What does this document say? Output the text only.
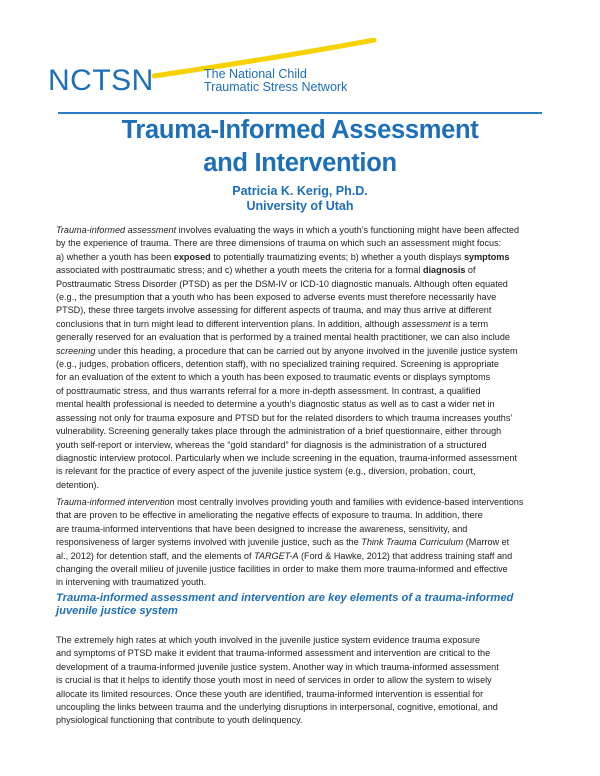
NCTSN	The National Child
Traumatic Stress Network
Trauma-Informed Assessment
and Intervention
Patricia K. Kerig, Ph.D.
University of Utah
Trauma-informed assessment involves evaluating the ways in which a youth’s functioning might have been affected
by the experience of trauma. There are three dimensions of trauma on which such an assessment might focus:
a) whether a youth has been exposed to potentially traumatizing events; b) whether a youth displays symptoms
associated with posttraumatic stress; and c) whether a youth meets the criteria for a formal diagnosis of
Posttraumatic Stress Disorder (PTSD) as per the DSM-IV or ICD-10 diagnostic manuals. Although often equated
(e.g., the presumption that a youth who has been exposed to adverse events must therefore necessarily have
PTSD), these three targets involve assessing for different aspects of trauma, and may thus arrive at different
conclusions that in turn might lead to different intervention plans. In addition, although assessment is a term
generally reserved for an evaluation that is performed by a trained mental health practitioner, we can also include
screening under this heading, a procedure that can be carried out by anyone involved in the juvenile justice system
(e.g., judges, probation officers, detention staff), with no specialized training required. Screening is appropriate
for an evaluation of the extent to which a youth has been exposed to traumatic events or displays symptoms
of posttraumatic stress, and thus warrants referral for a more in-depth assessment. In contrast, a qualified
mental health professional is needed to determine a youth’s diagnostic status as well as to cast a wider net in
assessing not only for trauma exposure and PTSD but for the related disorders to which trauma increases youths’
vulnerability. Screening generally takes place through the administration of a brief questionnaire, either through
youth self-report or interview, whereas the “gold standard” for diagnosis is the administration of a structured
diagnostic interview protocol. Particularly when we include screening in the equation, trauma-informed assessment
is relevant for the practice of every aspect of the juvenile justice system (e.g., diversion, probation, court,
detention).
Trauma-informed intervention most centrally involves providing youth and families with evidence-based interventions
that are proven to be effective in ameliorating the negative effects of exposure to trauma. In addition, there
are trauma-informed interventions that have been designed to increase the awareness, sensitivity, and
responsiveness of larger systems involved with juvenile justice, such as the Think Trauma Curriculum (Marrow et
al., 2012) for detention staff, and the elements of TARGET-A (Ford & Hawke, 2012) that address training staff and
changing the overall milieu of juvenile justice facilities in order to make them more trauma-informed and effective
in intervening with traumatized youth.
Trauma-informed assessment and intervention are key elements of a trauma-informed
juvenile justice system
The extremely high rates at which youth involved in the juvenile justice system evidence trauma exposure
and symptoms of PTSD make it evident that trauma-informed assessment and intervention are critical to the
development of a trauma-informed juvenile justice system. Another way in which trauma-informed assessment
is crucial is that it helps to identify those youth most in need of services in order to allow the system to wisely
allocate its limited resources. Once these youth are identified, trauma-informed intervention is essential for
uncoupling the links between trauma and the underlying disruptions in interpersonal, cognitive, emotional, and
physiological functioning that contribute to youth delinquency.
